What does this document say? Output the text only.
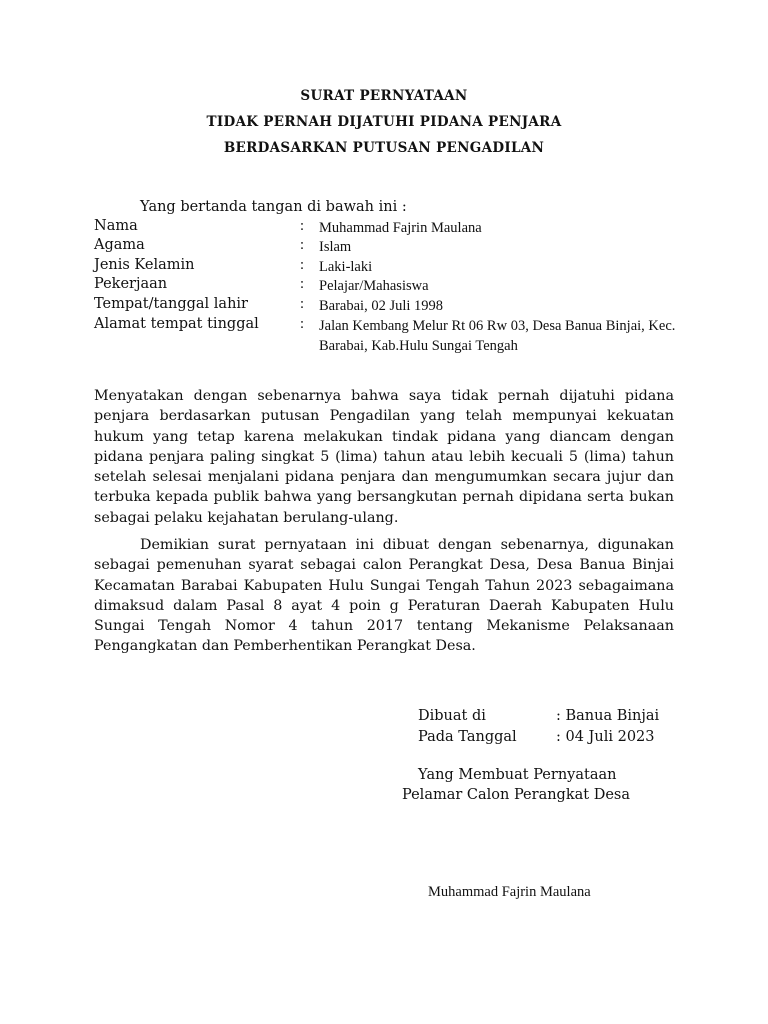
SURAT PERNYATAAN
TIDAK PERNAH DIJATUHI PIDANA PENJARA
BERDASARKAN PUTUSAN PENGADILAN
Yang bertanda tangan di bawah ini :
Nama	: Muhammad Fajrin Maulana
Agama	: Islam
Jenis Kelamin	: Laki-laki
Pekerjaan	: Pelajar/Mahasiswa
Tempat/tanggal lahir	: Barabai, 02 Juli 1998
Alamat tempat tinggal	: Jalan Kembang Melur Rt 06 Rw 03, Desa Banua Binjai, Kec. Barabai, Kab.Hulu Sungai Tengah
Menyatakan dengan sebenarnya bahwa saya tidak pernah dijatuhi pidana penjara berdasarkan putusan Pengadilan yang telah mempunyai kekuatan hukum yang tetap karena melakukan tindak pidana yang diancam dengan pidana penjara paling singkat 5 (lima) tahun atau lebih kecuali 5 (lima) tahun setelah selesai menjalani pidana penjara dan mengumumkan secara jujur dan terbuka kepada publik bahwa yang bersangkutan pernah dipidana serta bukan sebagai pelaku kejahatan berulang-ulang.
Demikian surat pernyataan ini dibuat dengan sebenarnya, digunakan sebagai pemenuhan syarat sebagai calon Perangkat Desa, Desa Banua Binjai Kecamatan Barabai Kabupaten Hulu Sungai Tengah Tahun 2023 sebagaimana dimaksud dalam Pasal 8 ayat 4 poin g Peraturan Daerah Kabupaten Hulu Sungai Tengah Nomor 4 tahun 2017 tentang Mekanisme Pelaksanaan Pengangkatan dan Pemberhentikan Perangkat Desa.
Dibuat di	: Banua Binjai
Pada Tanggal	: 04 Juli 2023
Yang Membuat Pernyataan
Pelamar Calon Perangkat Desa
Muhammad Fajrin Maulana
